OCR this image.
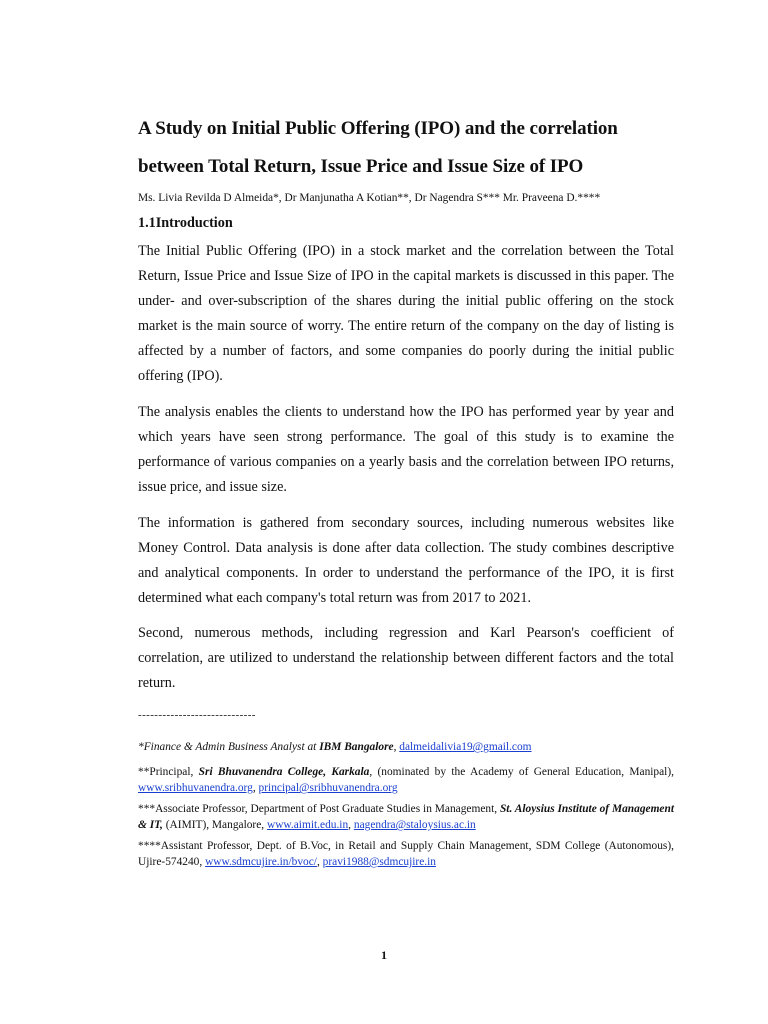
A Study on Initial Public Offering (IPO) and the correlation between Total Return, Issue Price and Issue Size of IPO

Ms. Livia Revilda D Almeida*, Dr Manjunatha A Kotian**, Dr Nagendra S*** Mr. Praveena D.****

1.1Introduction

The Initial Public Offering (IPO) in a stock market and the correlation between the Total Return, Issue Price and Issue Size of IPO in the capital markets is discussed in this paper. The under- and over-subscription of the shares during the initial public offering on the stock market is the main source of worry. The entire return of the company on the day of listing is affected by a number of factors, and some companies do poorly during the initial public offering (IPO).

The analysis enables the clients to understand how the IPO has performed year by year and which years have seen strong performance. The goal of this study is to examine the performance of various companies on a yearly basis and the correlation between IPO returns, issue price, and issue size.

The information is gathered from secondary sources, including numerous websites like Money Control. Data analysis is done after data collection. The study combines descriptive and analytical components. In order to understand the performance of the IPO, it is first determined what each company's total return was from 2017 to 2021.

Second, numerous methods, including regression and Karl Pearson's coefficient of correlation, are utilized to understand the relationship between different factors and the total return.

-----------------------------

*Finance & Admin Business Analyst at IBM Bangalore, dalmeidalivia19@gmail.com

**Principal, Sri Bhuvanendra College, Karkala, (nominated by the Academy of General Education, Manipal), www.sribhuvanendra.org, principal@sribhuvanendra.org

***Associate Professor, Department of Post Graduate Studies in Management, St. Aloysius Institute of Management & IT, (AIMIT), Mangalore, www.aimit.edu.in, nagendra@staloysius.ac.in

****Assistant Professor, Dept. of B.Voc, in Retail and Supply Chain Management, SDM College (Autonomous), Ujire-574240, www.sdmcujire.in/bvoc/, pravi1988@sdmcujire.in

1
